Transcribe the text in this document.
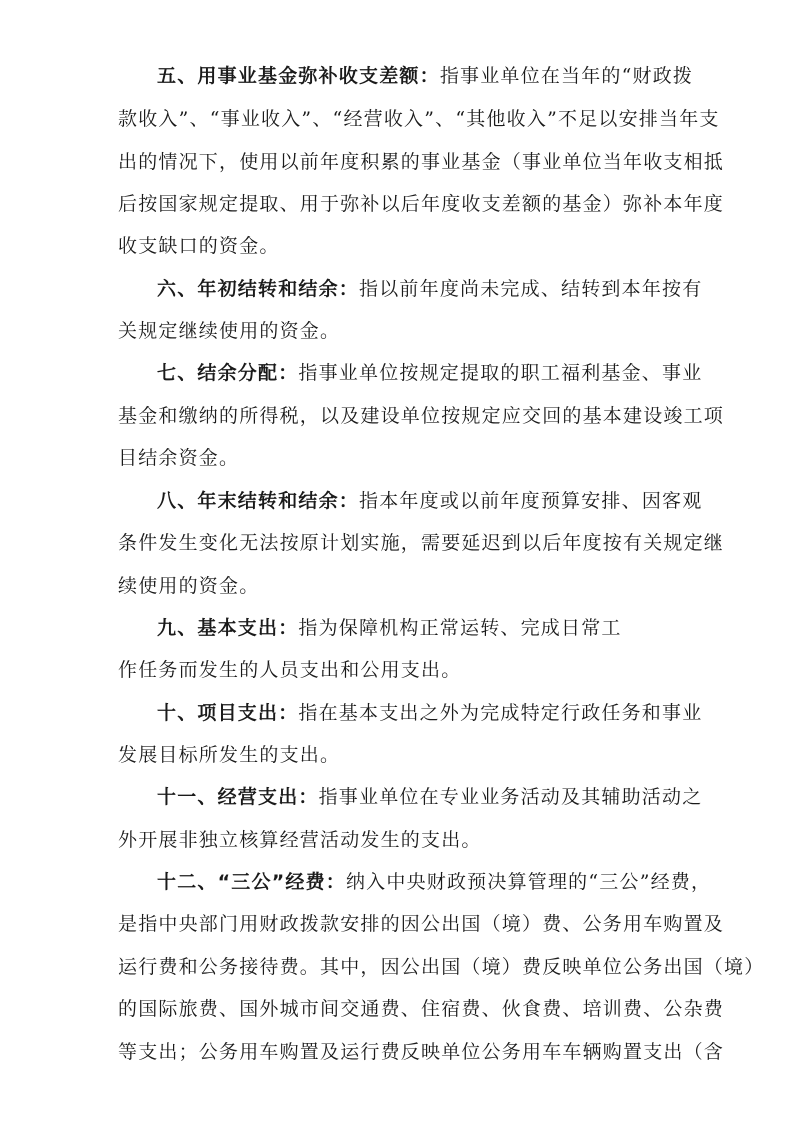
五、用事业基金弥补收支差额：指事业单位在当年的“财政拨
款收入”、“事业收入”、“经营收入”、“其他收入”不足以安排当年支
出的情况下，使用以前年度积累的事业基金（事业单位当年收支相抵
后按国家规定提取、用于弥补以后年度收支差额的基金）弥补本年度
收支缺口的资金。
六、年初结转和结余：指以前年度尚未完成、结转到本年按有
关规定继续使用的资金。
七、结余分配：指事业单位按规定提取的职工福利基金、事业
基金和缴纳的所得税，以及建设单位按规定应交回的基本建设竣工项
目结余资金。
八、年末结转和结余：指本年度或以前年度预算安排、因客观
条件发生变化无法按原计划实施，需要延迟到以后年度按有关规定继
续使用的资金。
九、基本支出：指为保障机构正常运转、完成日常工
作任务而发生的人员支出和公用支出。
十、项目支出：指在基本支出之外为完成特定行政任务和事业
发展目标所发生的支出。
十一、经营支出：指事业单位在专业业务活动及其辅助活动之
外开展非独立核算经营活动发生的支出。
十二、“三公”经费：纳入中央财政预决算管理的“三公”经费，
是指中央部门用财政拨款安排的因公出国（境）费、公务用车购置及
运行费和公务接待费。其中，因公出国（境）费反映单位公务出国（境）
的国际旅费、国外城市间交通费、住宿费、伙食费、培训费、公杂费
等支出；公务用车购置及运行费反映单位公务用车车辆购置支出（含
